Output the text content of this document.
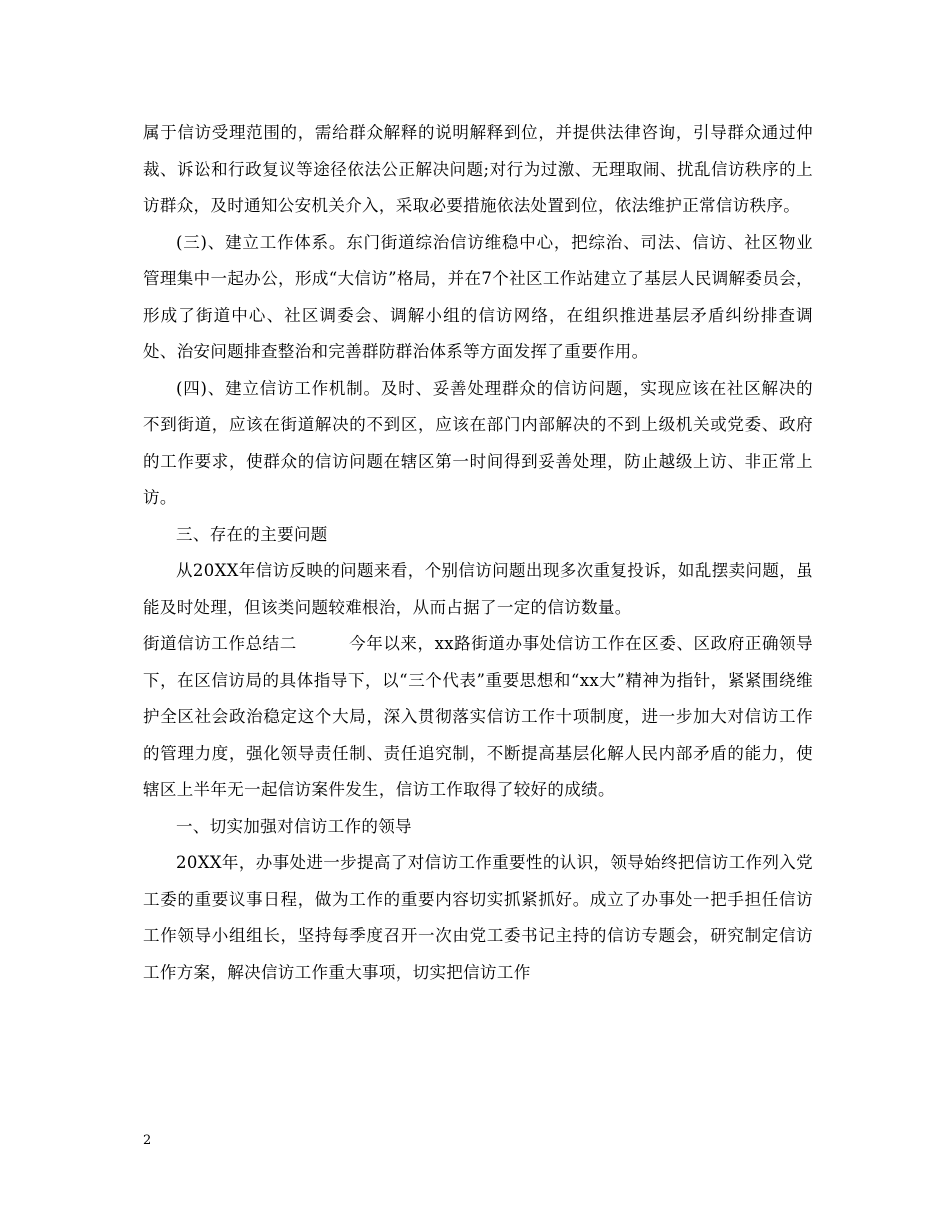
属于信访受理范围的，需给群众解释的说明解释到位，并提供法律咨询，引导群众通过仲裁、诉讼和行政复议等途径依法公正解决问题;对行为过激、无理取闹、扰乱信访秩序的上访群众，及时通知公安机关介入，采取必要措施依法处置到位，依法维护正常信访秩序。

(三)、建立工作体系。东门街道综治信访维稳中心，把综治、司法、信访、社区物业管理集中一起办公，形成“大信访”格局，并在7个社区工作站建立了基层人民调解委员会，形成了街道中心、社区调委会、调解小组的信访网络，在组织推进基层矛盾纠纷排查调处、治安问题排查整治和完善群防群治体系等方面发挥了重要作用。

(四)、建立信访工作机制。及时、妥善处理群众的信访问题，实现应该在社区解决的不到街道，应该在街道解决的不到区，应该在部门内部解决的不到上级机关或党委、政府的工作要求，使群众的信访问题在辖区第一时间得到妥善处理，防止越级上访、非正常上访。

三、存在的主要问题

从20XX年信访反映的问题来看，个别信访问题出现多次重复投诉，如乱摆卖问题，虽能及时处理，但该类问题较难根治，从而占据了一定的信访数量。

街道信访工作总结二	今年以来，xx路街道办事处信访工作在区委、区政府正确领导下，在区信访局的具体指导下，以“三个代表”重要思想和“xx大”精神为指针，紧紧围绕维护全区社会政治稳定这个大局，深入贯彻落实信访工作十项制度，进一步加大对信访工作的管理力度，强化领导责任制、责任追究制，不断提高基层化解人民内部矛盾的能力，使辖区上半年无一起信访案件发生，信访工作取得了较好的成绩。

一、切实加强对信访工作的领导

20XX年，办事处进一步提高了对信访工作重要性的认识，领导始终把信访工作列入党工委的重要议事日程，做为工作的重要内容切实抓紧抓好。成立了办事处一把手担任信访工作领导小组组长，坚持每季度召开一次由党工委书记主持的信访专题会，研究制定信访工作方案，解决信访工作重大事项，切实把信访工作

2
